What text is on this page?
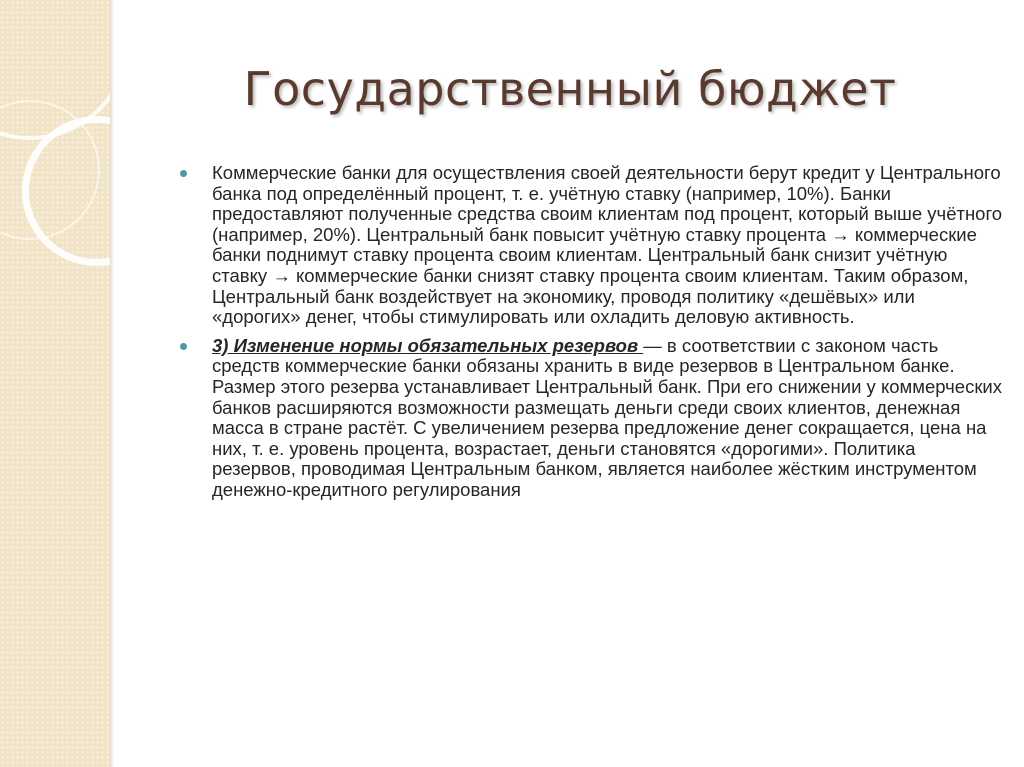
Государственный бюджет

Коммерческие банки для осуществления своей деятельности берут кредит у Центрального банка под определённый процент, т. е. учётную ставку (например, 10%). Банки предоставляют полученные средства своим клиентам под процент, который выше учётного (например, 20%). Центральный банк повысит учётную ставку процента → коммерческие банки поднимут ставку процента своим клиентам. Центральный банк снизит учётную ставку → коммерческие банки снизят ставку процента своим клиентам. Таким образом, Центральный банк воздействует на экономику, проводя политику «дешёвых» или «дорогих» денег, чтобы стимулировать или охладить деловую активность.

3) Изменение нормы обязательных резервов — в соответствии с законом часть средств коммерческие банки обязаны хранить в виде резервов в Центральном банке. Размер этого резерва устанавливает Центральный банк. При его снижении у коммерческих банков расширяются возможности размещать деньги среди своих клиентов, денежная масса в стране растёт. С увеличением резерва предложение денег сокращается, цена на них, т. е. уровень процента, возрастает, деньги становятся «дорогими». Политика резервов, проводимая Центральным банком, является наиболее жёстким инструментом денежно-кредитного регулирования
